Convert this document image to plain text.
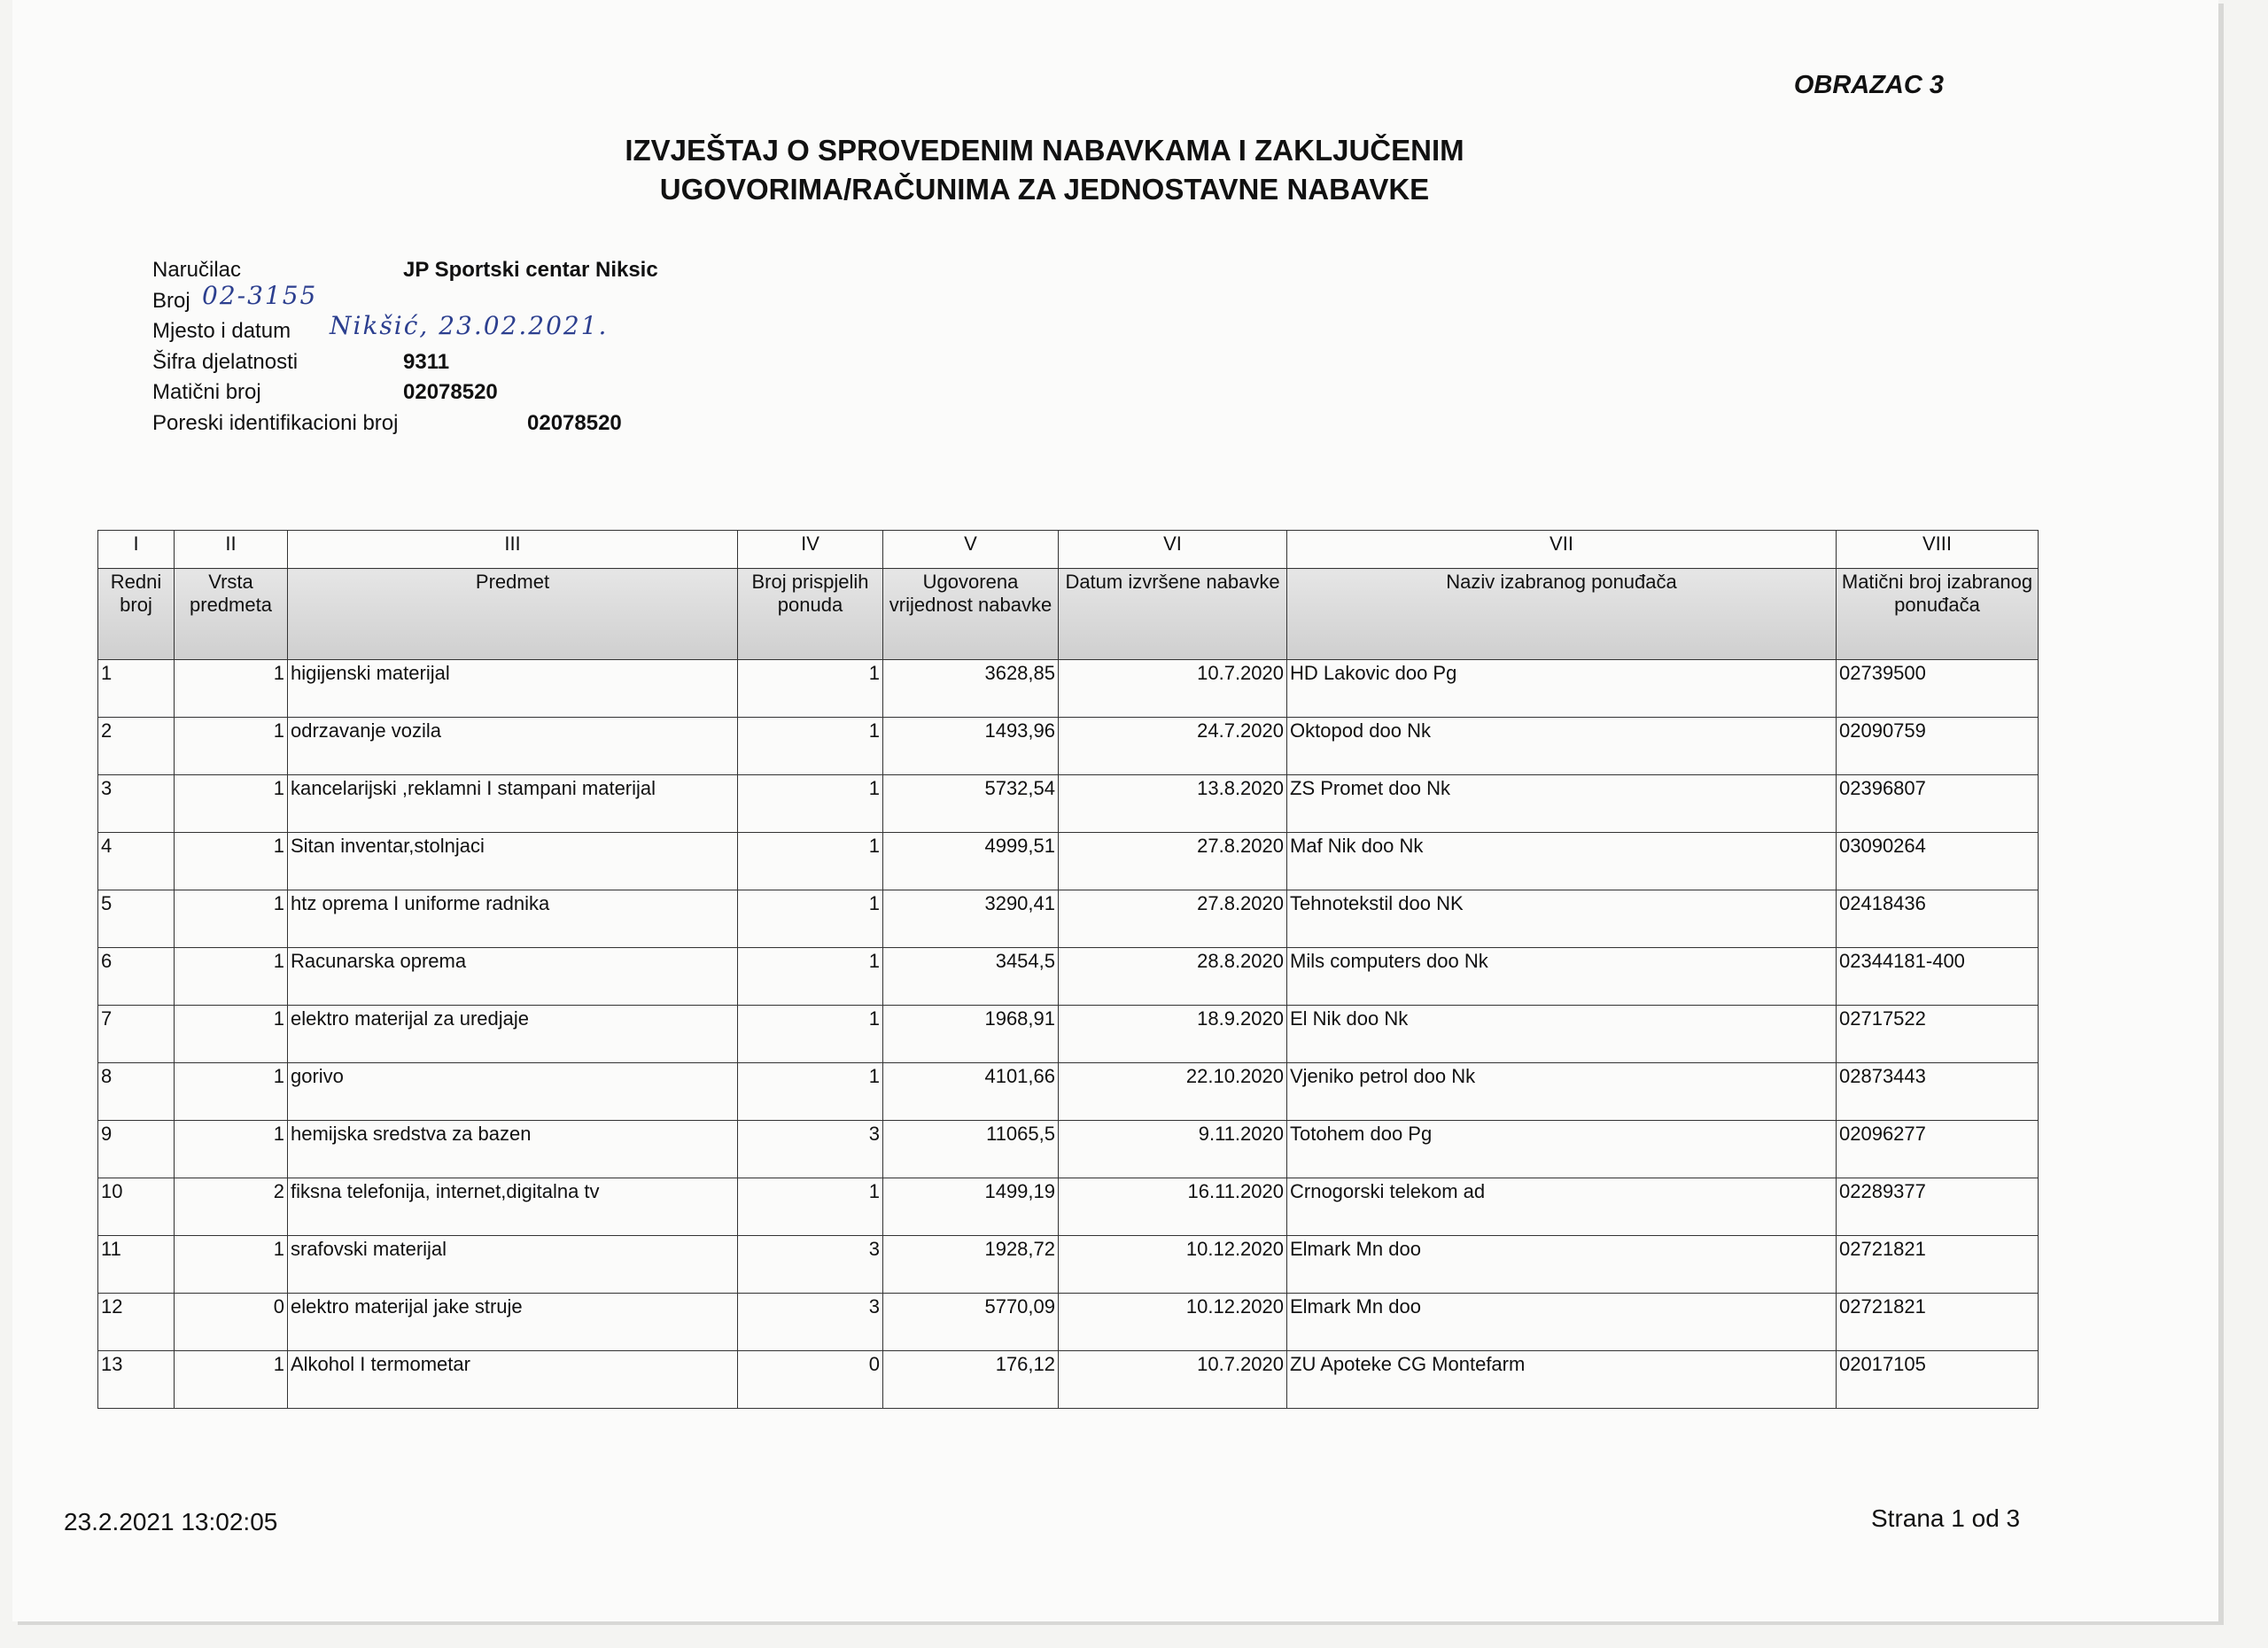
OBRAZAC 3
IZVJEŠTAJ O SPROVEDENIM NABAVKAMA I ZAKLJUČENIM
UGOVORIMA/RAČUNIMA ZA JEDNOSTAVNE NABAVKE
Naručilac	JP Sportski centar Niksic
Broj 02-3155
Mjesto i datum Nikšić, 23.02.2021.
Šifra djelatnosti	9311
Matični broj	02078520
Poreski identifikacioni broj	02078520
I	II	III	IV	V	VI	VII	VIII
Redni broj	Vrsta predmeta	Predmet	Broj prispjelih ponuda	Ugovorena vrijednost nabavke	Datum izvršene nabavke	Naziv izabranog ponuđača	Matični broj izabranog ponuđača
1	1	higijenski materijal	1	3628,85	10.7.2020	HD Lakovic doo Pg	02739500
2	1	odrzavanje vozila	1	1493,96	24.7.2020	Oktopod doo Nk	02090759
3	1	kancelarijski ,reklamni I stampani materijal	1	5732,54	13.8.2020	ZS Promet doo Nk	02396807
4	1	Sitan inventar,stolnjaci	1	4999,51	27.8.2020	Maf Nik doo Nk	03090264
5	1	htz oprema I uniforme radnika	1	3290,41	27.8.2020	Tehnotekstil doo NK	02418436
6	1	Racunarska oprema	1	3454,5	28.8.2020	Mils computers doo Nk	02344181-400
7	1	elektro materijal za uredjaje	1	1968,91	18.9.2020	El Nik doo Nk	02717522
8	1	gorivo	1	4101,66	22.10.2020	Vjeniko petrol doo Nk	02873443
9	1	hemijska sredstva za bazen	3	11065,5	9.11.2020	Totohem doo Pg	02096277
10	2	fiksna telefonija, internet,digitalna tv	1	1499,19	16.11.2020	Crnogorski telekom ad	02289377
11	1	srafovski materijal	3	1928,72	10.12.2020	Elmark Mn doo	02721821
12	0	elektro materijal jake struje	3	5770,09	10.12.2020	Elmark Mn doo	02721821
13	1	Alkohol I termometar	0	176,12	10.7.2020	ZU Apoteke CG Montefarm	02017105
23.2.2021 13:02:05	Strana 1 od 3
